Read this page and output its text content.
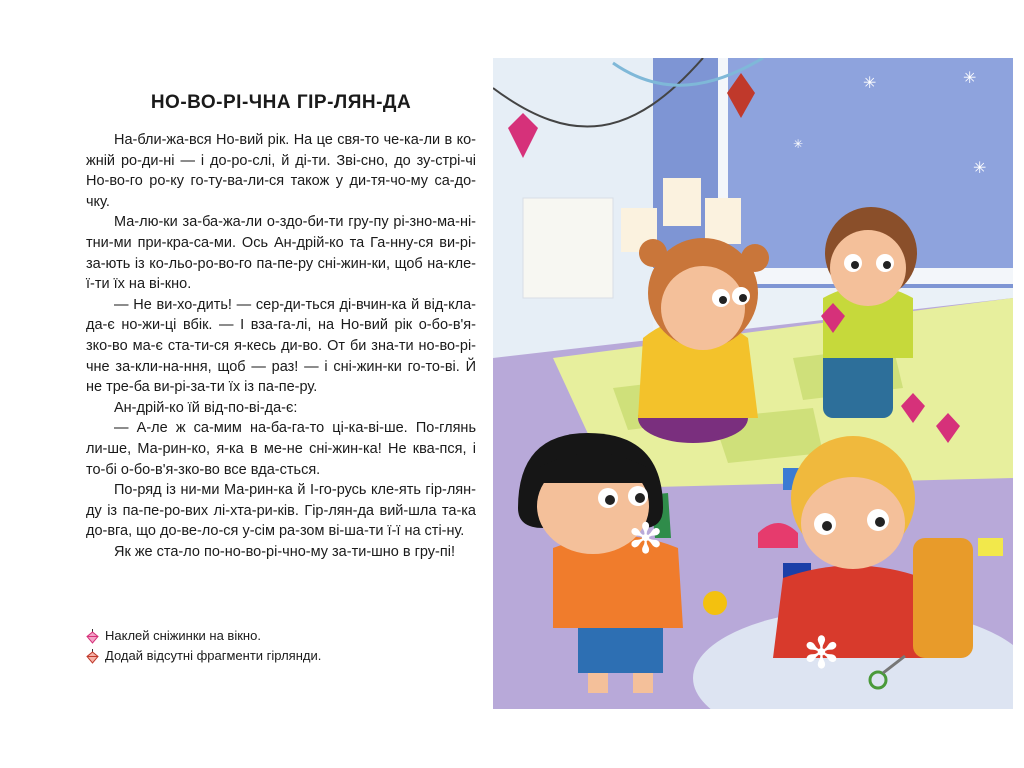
НО-ВО-РІ-ЧНА ГІР-ЛЯН-ДА

На-бли-жа-вся Но-вий рік. На це свя-то че-ка-ли в ко-жній ро-ди-ні — і до-ро-слі, й ді-ти. Зві-сно, до зу-стрі-чі Но-во-го ро-ку го-ту-ва-ли-ся також у ди-тя-чо-му са-до-чку.

Ма-лю-ки за-ба-жа-ли о-здо-би-ти гру-пу рі-зно-ма-ні-тни-ми при-кра-са-ми. Ось Ан-дрій-ко та Га-нну-ся ви-рі-за-ють із ко-льо-ро-во-го па-пе-ру сні-жин-ки, щоб на-кле-ї-ти їх на ві-кно.

— Не ви-хо-дить! — сер-ди-ться ді-вчин-ка й від-кла-да-є но-жи-ці вбік. — І вза-га-лі, на Но-вий рік о-бо-в'я-зко-во ма-є ста-ти-ся я-кесь ди-во. От би зна-ти но-во-рі-чне за-кли-на-ння, щоб — раз! — і сні-жин-ки го-то-ві. Й не тре-ба ви-рі-за-ти їх із па-пе-ру.

Ан-дрій-ко їй від-по-ві-да-є:

— А-ле ж са-мим на-ба-га-то ці-ка-ві-ше. По-глянь ли-ше, Ма-рин-ко, я-ка в ме-не сні-жин-ка! Не ква-пся, і то-бі о-бо-в'я-зко-во все вда-сться.

По-ряд із ни-ми Ма-рин-ка й І-го-русь кле-ять гір-лян-ду із па-пе-ро-вих лі-хта-ри-ків. Гір-лян-да вий-шла та-ка до-вга, що до-ве-ло-ся у-сім ра-зом ві-ша-ти ї-ї на сті-ну.

Як же ста-ло по-но-во-рі-чно-му за-ти-шно в гру-пі!

Наклей сніжинки на вікно.
Додай відсутні фрагменти гірлянди.
✳	✳
✳
✳
✻
✻
